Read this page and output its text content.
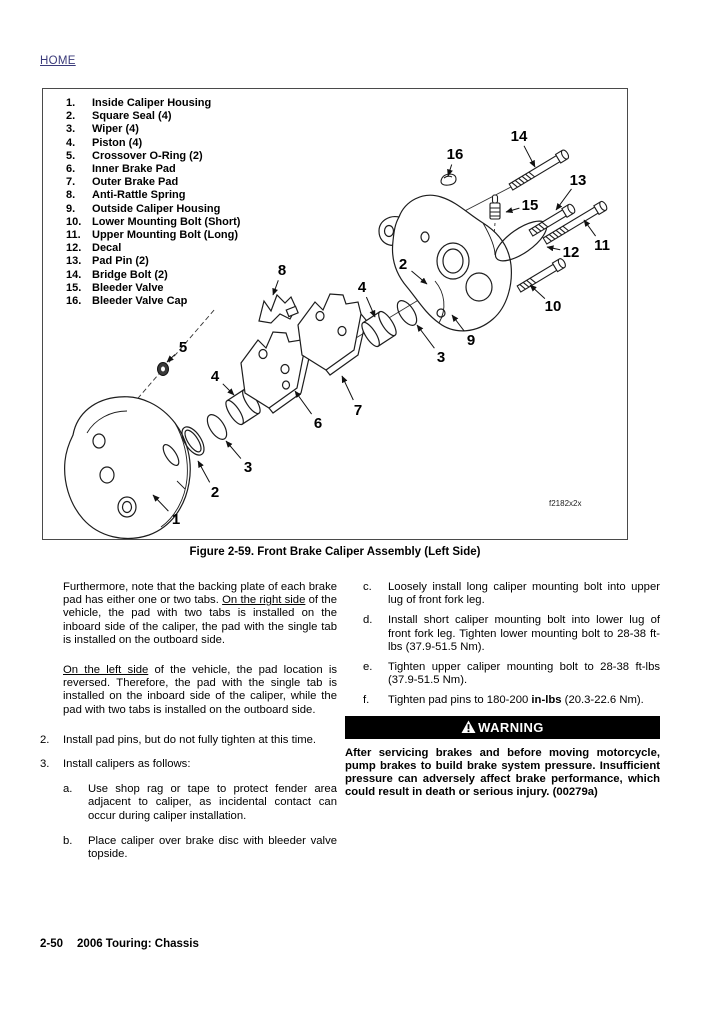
HOME
1
2
3
4
5
6
7
8
4
2
3
9
10
11
12
13
14
15
16
1.	Inside Caliper Housing
2.	Square Seal (4)
3.	Wiper (4)
4.	Piston (4)
5.	Crossover O-Ring (2)
6.	Inner Brake Pad
7.	Outer Brake Pad
8.	Anti-Rattle Spring
9.	Outside Caliper Housing
10. Lower Mounting Bolt (Short)
11.	Upper Mounting Bolt (Long)
12. Decal
13. Pad Pin (2)
14. Bridge Bolt (2)
15. Bleeder Valve
16. Bleeder Valve Cap
f2182x2x
Figure 2-59. Front Brake Caliper Assembly (Left Side)

Furthermore, note that the backing plate of each brake pad has either one or two tabs. On the right side of the vehicle, the pad with two tabs is installed on the inboard side of the caliper, the pad with the single tab is installed on the outboard side.

On the left side of the vehicle, the pad location is reversed. Therefore, the pad with the single tab is installed on the inboard side of the caliper, while the pad with two tabs is installed on the outboard side.

2.	Install pad pins, but do not fully tighten at this time.
3.	Install calipers as follows:
a.	Use shop rag or tape to protect fender area adjacent to caliper, as incidental contact can occur during caliper installation.
b.	Place caliper over brake disc with bleeder valve topside.
c.	Loosely install long caliper mounting bolt into upper lug of front fork leg.
d.	Install short caliper mounting bolt into lower lug of front fork leg. Tighten lower mounting bolt to 28-38 ft-lbs (37.9-51.5 Nm).
e.	Tighten upper caliper mounting bolt to 28-38 ft-lbs (37.9-51.5 Nm).
f.	Tighten pad pins to 180-200 in-lbs (20.3-22.6 Nm).
WARNING

After servicing brakes and before moving motorcycle, pump brakes to build brake system pressure. Insufficient pressure can adversely affect brake performance, which could result in death or serious injury. (00279a)

2-50 2006 Touring: Chassis
